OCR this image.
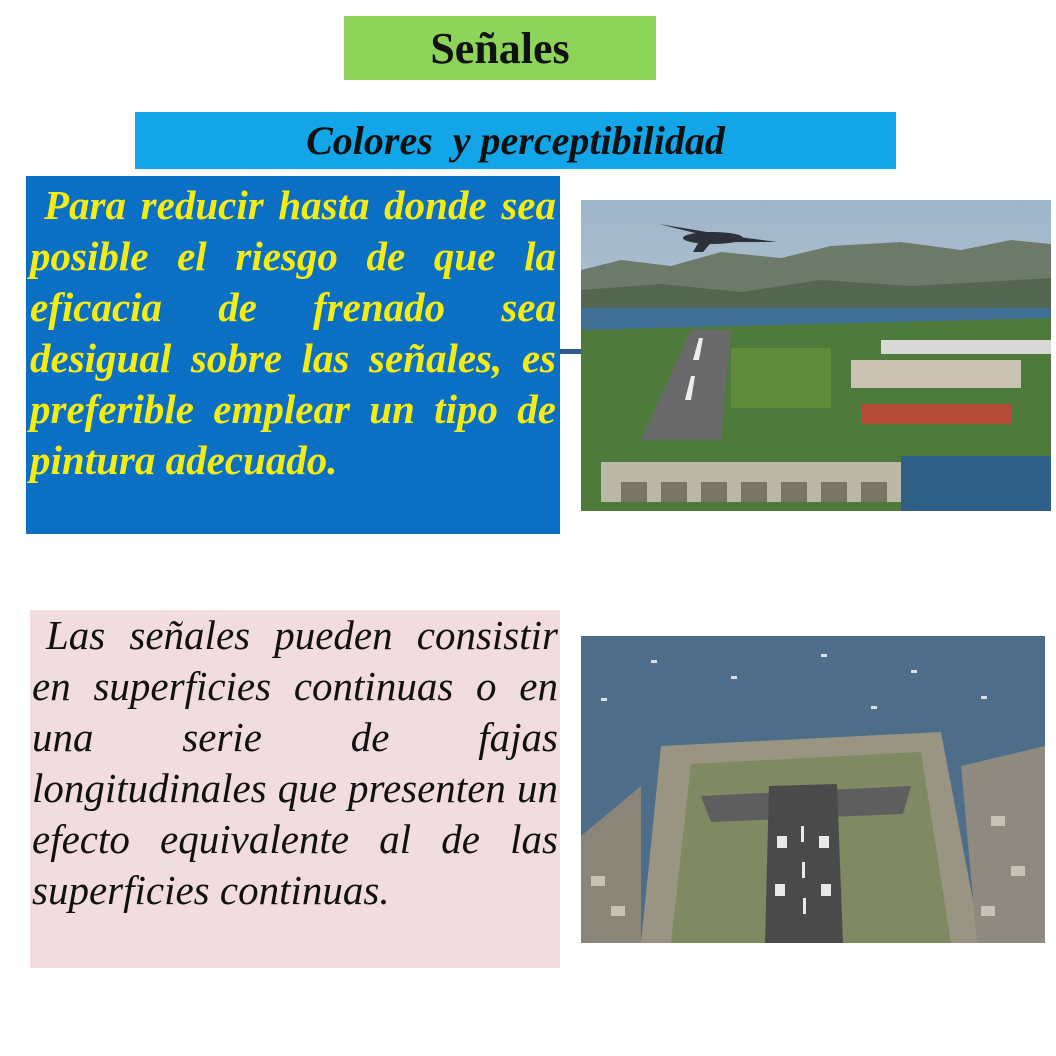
Señales
Colores  y perceptibilidad

Para reducir hasta donde sea posible el riesgo de que la eficacia de frenado sea desigual sobre las señales, es preferible emplear un tipo de pintura adecuado.

Las señales pueden consistir en superficies continuas o en una serie de fajas longitudinales que presenten un efecto equivalente al de las superficies continuas.
